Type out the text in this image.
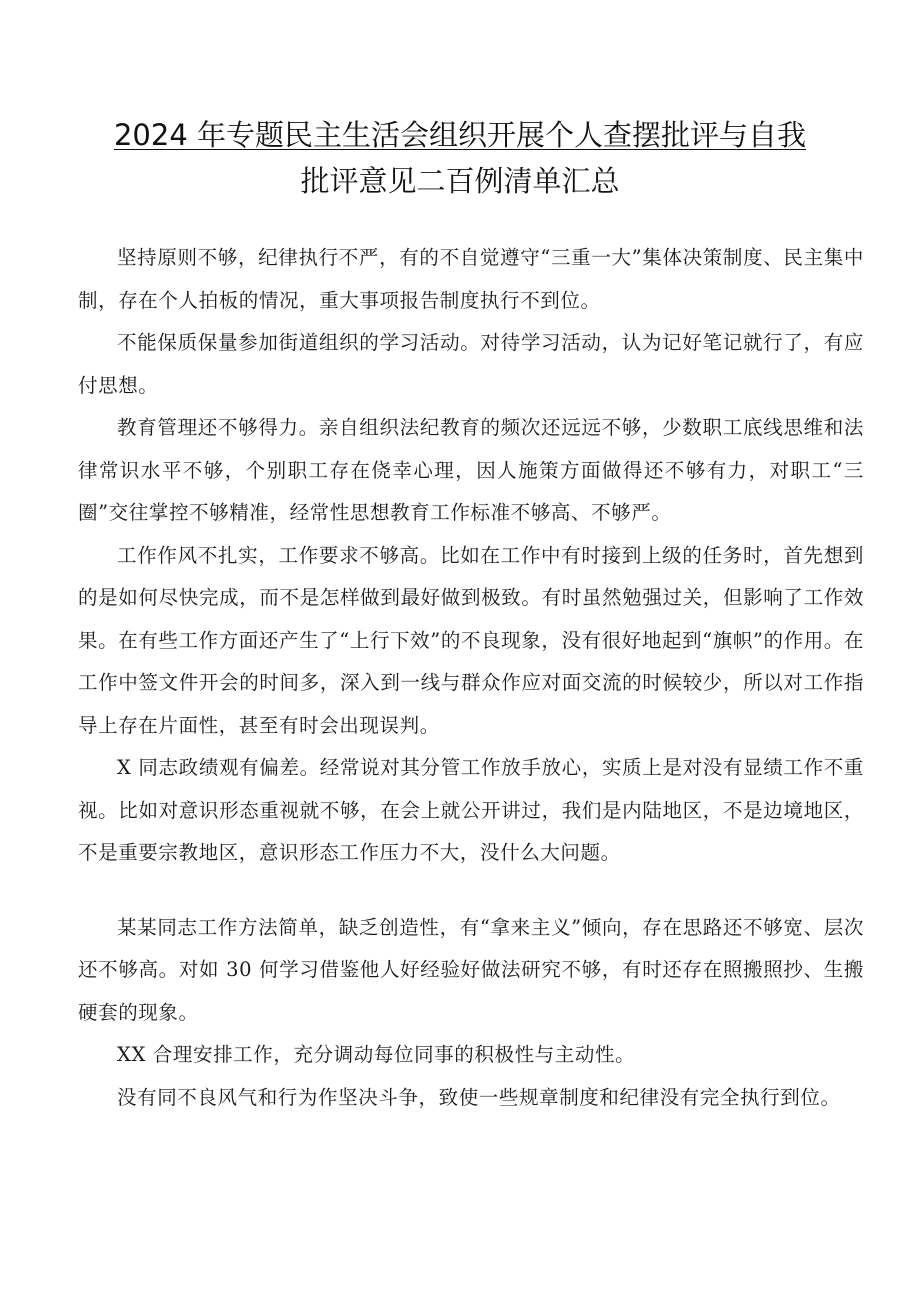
2024 年专题民主生活会组织开展个人查摆批评与自我
批评意见二百例清单汇总

坚持原则不够，纪律执行不严，有的不自觉遵守“三重一大”集体决策制度、民主集中制，存在个人拍板的情况，重大事项报告制度执行不到位。

不能保质保量参加街道组织的学习活动。对待学习活动，认为记好笔记就行了，有应付思想。

教育管理还不够得力。亲自组织法纪教育的频次还远远不够，少数职工底线思维和法律常识水平不够，个别职工存在侥幸心理，因人施策方面做得还不够有力，对职工“三圈”交往掌控不够精准，经常性思想教育工作标准不够高、不够严。

工作作风不扎实，工作要求不够高。比如在工作中有时接到上级的任务时，首先想到的是如何尽快完成，而不是怎样做到最好做到极致。有时虽然勉强过关，但影响了工作效果。在有些工作方面还产生了“上行下效”的不良现象，没有很好地起到“旗帜”的作用。在工作中签文件开会的时间多，深入到一线与群众作应对面交流的时候较少，所以对工作指导上存在片面性，甚至有时会出现误判。

X 同志政绩观有偏差。经常说对其分管工作放手放心，实质上是对没有显绩工作不重视。比如对意识形态重视就不够，在会上就公开讲过，我们是内陆地区，不是边境地区，不是重要宗教地区，意识形态工作压力不大，没什么大问题。

某某同志工作方法简单，缺乏创造性，有“拿来主义”倾向，存在思路还不够宽、层次还不够高。对如 30 何学习借鉴他人好经验好做法研究不够，有时还存在照搬照抄、生搬硬套的现象。

XX 合理安排工作，充分调动每位同事的积极性与主动性。

没有同不良风气和行为作坚决斗争，致使一些规章制度和纪律没有完全执行到位。
